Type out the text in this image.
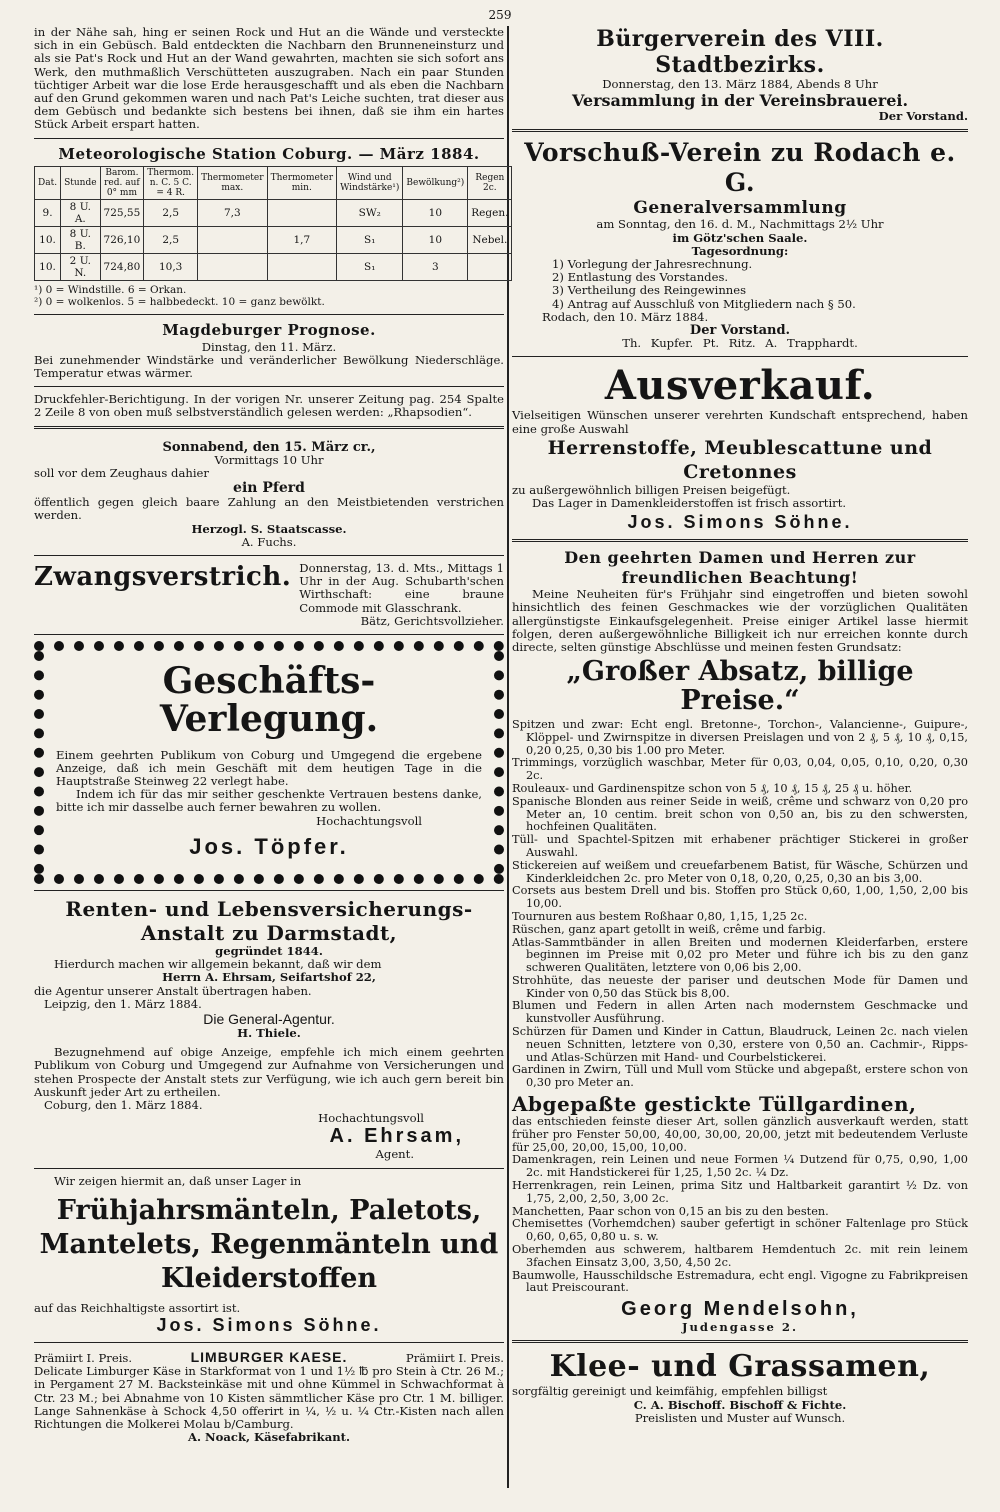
259

in der Nähe sah, hing er seinen Rock und Hut an die Wände und versteckte sich in ein Gebüsch. Bald entdeckten die Nachbarn den Brunneneinsturz und als sie Pat's Rock und Hut an der Wand gewahrten, machten sie sich sofort ans Werk, den muthmaßlich Verschütteten auszugraben. Nach ein paar Stunden tüchtiger Arbeit war die lose Erde herausgeschafft und als eben die Nachbarn auf den Grund gekommen waren und nach Pat's Leiche suchten, trat dieser aus dem Gebüsch und bedankte sich bestens bei ihnen, daß sie ihm ein hartes Stück Arbeit erspart hatten.

Meteorologische Station Coburg. — März 1884.

Dat.	Stunde	Barom. red. auf 0° mm	Thermom. n. C. 5 C. = 4 R.	Thermometer max.	Thermometer min.	Wind und Windstärke¹)	Bewölkung²)	Regen 2c.
9.	8 U. A.	725,55	2,5	7,3		SW₂	10	Regen.
10.	8 U. B.	726,10	2,5		1,7	S₁	10	Nebel.
10.	2 U. N.	724,80	10,3			S₁	3	

¹) 0 = Windstille. 6 = Orkan.

²) 0 = wolkenlos. 5 = halbbedeckt. 10 = ganz bewölkt.

Magdeburger Prognose.

Dinstag, den 11. März.

Bei zunehmender Windstärke und veränderlicher Bewölkung Niederschläge. Temperatur etwas wärmer.

Druckfehler-Berichtigung. In der vorigen Nr. unserer Zeitung pag. 254 Spalte 2 Zeile 8 von oben muß selbstverständlich gelesen werden: „Rhapsodien“.

Sonnabend, den 15. März cr.,

Vormittags 10 Uhr

soll vor dem Zeughaus dahier

ein Pferd

öffentlich gegen gleich baare Zahlung an den Meistbietenden verstrichen werden.

Herzogl. S. Staatscasse.

A. Fuchs.

Zwangsverstrich. Donnerstag, 13. d. Mts., Mittags 1 Uhr in der Aug. Schubarth'schen Wirthschaft: eine braune Commode mit Glasschrank.

Bätz, Gerichtsvollzieher.

Geschäfts-Verlegung.

Einem geehrten Publikum von Coburg und Umgegend die ergebene Anzeige, daß ich mein Geschäft mit dem heutigen Tage in die Hauptstraße Steinweg 22 verlegt habe.

Indem ich für das mir seither geschenkte Vertrauen bestens danke, bitte ich mir dasselbe auch ferner bewahren zu wollen.

Hochachtungsvoll

Jos. Töpfer.

Renten- und Lebensversicherungs-Anstalt zu Darmstadt,

gegründet 1844.

Hierdurch machen wir allgemein bekannt, daß wir dem

Herrn A. Ehrsam, Seifartshof 22,

die Agentur unserer Anstalt übertragen haben.

Leipzig, den 1. März 1884.

Die General-Agentur.

H. Thiele.

Bezugnehmend auf obige Anzeige, empfehle ich mich einem geehrten Publikum von Coburg und Umgegend zur Aufnahme von Versicherungen und stehen Prospecte der Anstalt stets zur Verfügung, wie ich auch gern bereit bin Auskunft jeder Art zu ertheilen.

Coburg, den 1. März 1884.

Hochachtungsvoll

A. Ehrsam,

Agent.

Wir zeigen hiermit an, daß unser Lager in

Frühjahrsmänteln, Paletots, Mantelets, Regenmänteln und Kleiderstoffen

auf das Reichhaltigste assortirt ist.

Jos. Simons Söhne.

Prämiirt I. Preis.	LIMBURGER KAESE.	Prämiirt I. Preis.

Delicate Limburger Käse in Starkformat von 1 und 1½ ℔ pro Stein à Ctr. 26 M.; in Pergament 27 M. Backsteinkäse mit und ohne Kümmel in Schwachformat à Ctr. 23 M.; bei Abnahme von 10 Kisten sämmtlicher Käse pro Ctr. 1 M. billiger. Lange Sahnenkäse à Schock 4,50 offerirt in ¼, ½ u. ¼ Ctr.-Kisten nach allen Richtungen die Molkerei Molau b/Camburg.

A. Noack, Käsefabrikant.

Bürgerverein des VIII. Stadtbezirks.

Donnerstag, den 13. März 1884, Abends 8 Uhr

Versammlung in der Vereinsbrauerei.

Der Vorstand.

Vorschuß-Verein zu Rodach e. G.

Generalversammlung

am Sonntag, den 16. d. M., Nachmittags 2½ Uhr

im Götz'schen Saale.

Tagesordnung:

1) Vorlegung der Jahresrechnung.

2) Entlastung des Vorstandes.

3) Vertheilung des Reingewinnes

4) Antrag auf Ausschluß von Mitgliedern nach § 50.

Rodach, den 10. März 1884.

Der Vorstand.

Th. Kupfer. Pt. Ritz. A. Trapphardt.

Ausverkauf.

Vielseitigen Wünschen unserer verehrten Kundschaft entsprechend, haben eine große Auswahl

Herrenstoffe, Meublescattune und Cretonnes

zu außergewöhnlich billigen Preisen beigefügt.

Das Lager in Damenkleiderstoffen ist frisch assortirt.

Jos. Simons Söhne.

Den geehrten Damen und Herren zur freundlichen Beachtung!

Meine Neuheiten für's Frühjahr sind eingetroffen und bieten sowohl hinsichtlich des feinen Geschmackes wie der vorzüglichen Qualitäten allergünstigste Einkaufsgelegenheit. Preise einiger Artikel lasse hiermit folgen, deren außergewöhnliche Billigkeit ich nur erreichen konnte durch directe, selten günstige Abschlüsse und meinen festen Grundsatz:

„Großer Absatz, billige Preise.“

Spitzen und zwar: Echt engl. Bretonne-, Torchon-, Valancienne-, Guipure-, Klöppel- und Zwirnspitze in diversen Preislagen und von 2 ₰, 5 ₰, 10 ₰, 0,15, 0,20 0,25, 0,30 bis 1.00 pro Meter.

Trimmings, vorzüglich waschbar, Meter für 0,03, 0,04, 0,05, 0,10, 0,20, 0,30 2c.

Rouleaux- und Gardinenspitze schon von 5 ₰, 10 ₰, 15 ₰, 25 ₰ u. höher.

Spanische Blonden aus reiner Seide in weiß, crême und schwarz von 0,20 pro Meter an, 10 centim. breit schon von 0,50 an, bis zu den schwersten, hochfeinen Qualitäten.

Tüll- und Spachtel-Spitzen mit erhabener prächtiger Stickerei in großer Auswahl.

Stickereien auf weißem und creuefarbenem Batist, für Wäsche, Schürzen und Kinderkleidchen 2c. pro Meter von 0,18, 0,20, 0,25, 0,30 an bis 3,00.

Corsets aus bestem Drell und bis. Stoffen pro Stück 0,60, 1,00, 1,50, 2,00 bis 10,00.

Tournuren aus bestem Roßhaar 0,80, 1,15, 1,25 2c.

Rüschen, ganz apart getollt in weiß, crême und farbig.

Atlas-Sammtbänder in allen Breiten und modernen Kleiderfarben, erstere beginnen im Preise mit 0,02 pro Meter und führe ich bis zu den ganz schweren Qualitäten, letztere von 0,06 bis 2,00.

Strohhüte, das neueste der pariser und deutschen Mode für Damen und Kinder von 0,50 das Stück bis 8,00.

Blumen und Federn in allen Arten nach modernstem Geschmacke und kunstvoller Ausführung.

Schürzen für Damen und Kinder in Cattun, Blaudruck, Leinen 2c. nach vielen neuen Schnitten, letztere von 0,30, erstere von 0,50 an. Cachmir-, Ripps- und Atlas-Schürzen mit Hand- und Courbelstickerei.

Gardinen in Zwirn, Tüll und Mull vom Stücke und abgepaßt, erstere schon von 0,30 pro Meter an.

Abgepaßte gestickte Tüllgardinen,

das entschieden feinste dieser Art, sollen gänzlich ausverkauft werden, statt früher pro Fenster 50,00, 40,00, 30,00, 20,00, jetzt mit bedeutendem Verluste für 25,00, 20,00, 15,00, 10,00.

Damenkragen, rein Leinen und neue Formen ¼ Dutzend für 0,75, 0,90, 1,00 2c. mit Handstickerei für 1,25, 1,50 2c. ¼ Dz.

Herrenkragen, rein Leinen, prima Sitz und Haltbarkeit garantirt ½ Dz. von 1,75, 2,00, 2,50, 3,00 2c.

Manchetten, Paar schon von 0,15 an bis zu den besten.

Chemisettes (Vorhemdchen) sauber gefertigt in schöner Faltenlage pro Stück 0,60, 0,65, 0,80 u. s. w.

Oberhemden aus schwerem, haltbarem Hemdentuch 2c. mit rein leinem 3fachen Einsatz 3,00, 3,50, 4,50 2c.

Baumwolle, Hausschildsche Estremadura, echt engl. Vigogne zu Fabrikpreisen laut Preiscourant.

Georg Mendelsohn,

Judengasse 2.

Klee- und Grassamen,

sorgfältig gereinigt und keimfähig, empfehlen billigst

C. A. Bischoff. Bischoff & Fichte.

Preislisten und Muster auf Wunsch.
